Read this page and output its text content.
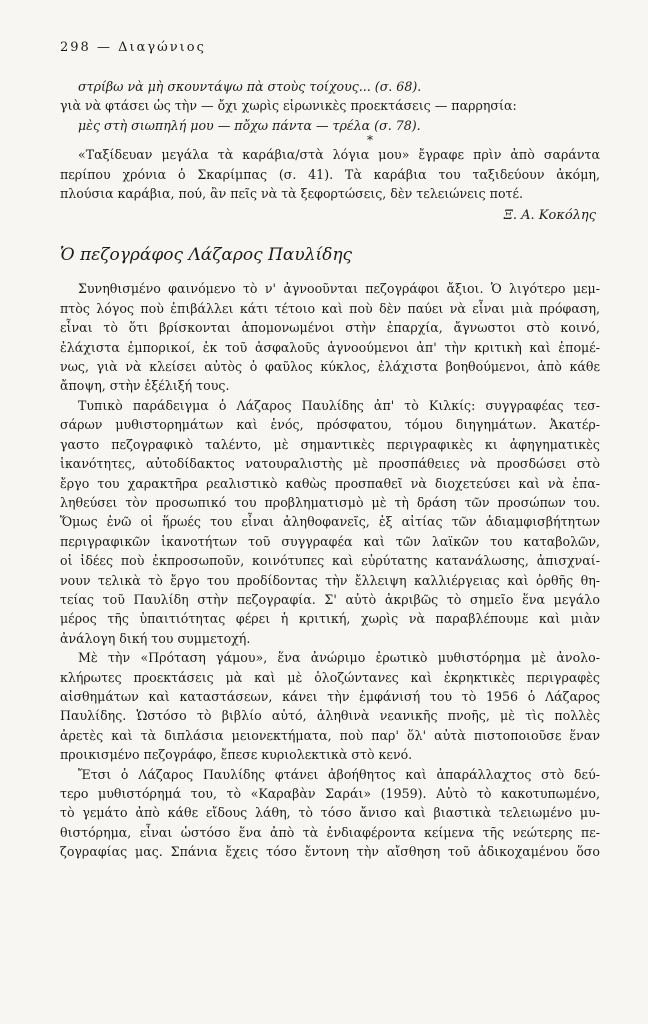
298 — Διαγώνιος
στρίβω νὰ μὴ σκουντάψω πὰ στοὺς τοίχους... (σ. 68).
γιὰ νὰ φτάσει ὡς τὴν — ὄχι χωρὶς εἰρωνικὲς προεκτάσεις — παρρησία:
μὲς στὴ σιωπηλή μου — πὄχω πάντα — τρέλα (σ. 78).
*
«Ταξίδευαν μεγάλα τὰ καράβια/στὰ λόγια μου» ἔγραφε πρὶν ἀπὸ σαράντα
περίπου χρόνια ὁ Σκαρίμπας (σ. 41). Τὰ καράβια του ταξιδεύουν ἀκόμη,
πλούσια καράβια, πού, ἂν πεῖς νὰ τὰ ξεφορτώσεις, δὲν τελειώνεις ποτέ.
Ξ. Α. Κοκόλης
Ὁ πεζογράφος Λάζαρος Παυλίδης
Συνηθισμένο φαινόμενο τὸ ν' ἀγνοοῦνται πεζογράφοι ἄξιοι. Ὁ λιγότερο μεμ-
πτὸς λόγος ποὺ ἐπιβάλλει κάτι τέτοιο καὶ ποὺ δὲν παύει νὰ εἶναι μιὰ πρόφαση,
εἶναι τὸ ὅτι βρίσκονται ἀπομονωμένοι στὴν ἐπαρχία, ἄγνωστοι στὸ κοινό,
ἐλάχιστα ἐμπορικοί, ἐκ τοῦ ἀσφαλοῦς ἀγνοούμενοι ἀπ' τὴν κριτικὴ καὶ ἑπομέ-
νως, γιὰ νὰ κλείσει αὐτὸς ὁ φαῦλος κύκλος, ἐλάχιστα βοηθούμενοι, ἀπὸ κάθε
ἄποψη, στὴν ἐξέλιξή τους.
Τυπικὸ παράδειγμα ὁ Λάζαρος Παυλίδης ἀπ' τὸ Κιλκίς: συγγραφέας τεσ-
σάρων μυθιστορημάτων καὶ ἑνός, πρόσφατου, τόμου διηγημάτων. Ἀκατέρ-
γαστο πεζογραφικὸ ταλέντο, μὲ σημαντικὲς περιγραφικὲς κι ἀφηγηματικὲς
ἱκανότητες, αὐτοδίδακτος νατουραλιστὴς μὲ προσπάθειες νὰ προσδώσει στὸ
ἔργο του χαρακτῆρα ρεαλιστικὸ καθὼς προσπαθεῖ νὰ διοχετεύσει καὶ νὰ ἐπα-
ληθεύσει τὸν προσωπικό του προβληματισμὸ μὲ τὴ δράση τῶν προσώπων του.
Ὅμως ἐνῶ οἱ ἥρωές του εἶναι ἀληθοφανεῖς, ἐξ αἰτίας τῶν ἀδιαμφισβήτητων
περιγραφικῶν ἱκανοτήτων τοῦ συγγραφέα καὶ τῶν λαϊκῶν του καταβολῶν,
οἱ ἰδέες ποὺ ἐκπροσωποῦν, κοινότυπες καὶ εὐρύτατης κατανάλωσης, ἀπισχναί-
νουν τελικὰ τὸ ἔργο του προδίδοντας τὴν ἔλλειψη καλλιέργειας καὶ ὀρθῆς θη-
τείας τοῦ Παυλίδη στὴν πεζογραφία. Σ' αὐτὸ ἀκριβῶς τὸ σημεῖο ἕνα μεγάλο
μέρος τῆς ὑπαιτιότητας φέρει ἡ κριτική, χωρὶς νὰ παραβλέπουμε καὶ μιὰν
ἀνάλογη δική του συμμετοχή.
Μὲ τὴν «Πρόταση γάμου», ἕνα ἀνώριμο ἐρωτικὸ μυθιστόρημα μὲ ἀνολο-
κλήρωτες προεκτάσεις μὰ καὶ μὲ ὁλοζώντανες καὶ ἐκρηκτικὲς περιγραφὲς
αἰσθημάτων καὶ καταστάσεων, κάνει τὴν ἐμφάνισή του τὸ 1956 ὁ Λάζαρος
Παυλίδης. Ὡστόσο τὸ βιβλίο αὐτό, ἀληθινὰ νεανικῆς πνοῆς, μὲ τὶς πολλὲς
ἀρετὲς καὶ τὰ διπλάσια μειονεκτήματα, ποὺ παρ' ὅλ' αὐτὰ πιστοποιοῦσε ἕναν
προικισμένο πεζογράφο, ἔπεσε κυριολεκτικὰ στὸ κενό.
Ἔτσι ὁ Λάζαρος Παυλίδης φτάνει ἀβοήθητος καὶ ἀπαράλλαχτος στὸ δεύ-
τερο μυθιστόρημά του, τὸ «Καραβὰν Σαράι» (1959). Αὐτὸ τὸ κακοτυπωμένο,
τὸ γεμάτο ἀπὸ κάθε εἴδους λάθη, τὸ τόσο ἄνισο καὶ βιαστικὰ τελειωμένο μυ-
θιστόρημα, εἶναι ὡστόσο ἕνα ἀπὸ τὰ ἐνδιαφέροντα κείμενα τῆς νεώτερης πε-
ζογραφίας μας. Σπάνια ἔχεις τόσο ἔντονη τὴν αἴσθηση τοῦ ἀδικοχαμένου ὅσο
